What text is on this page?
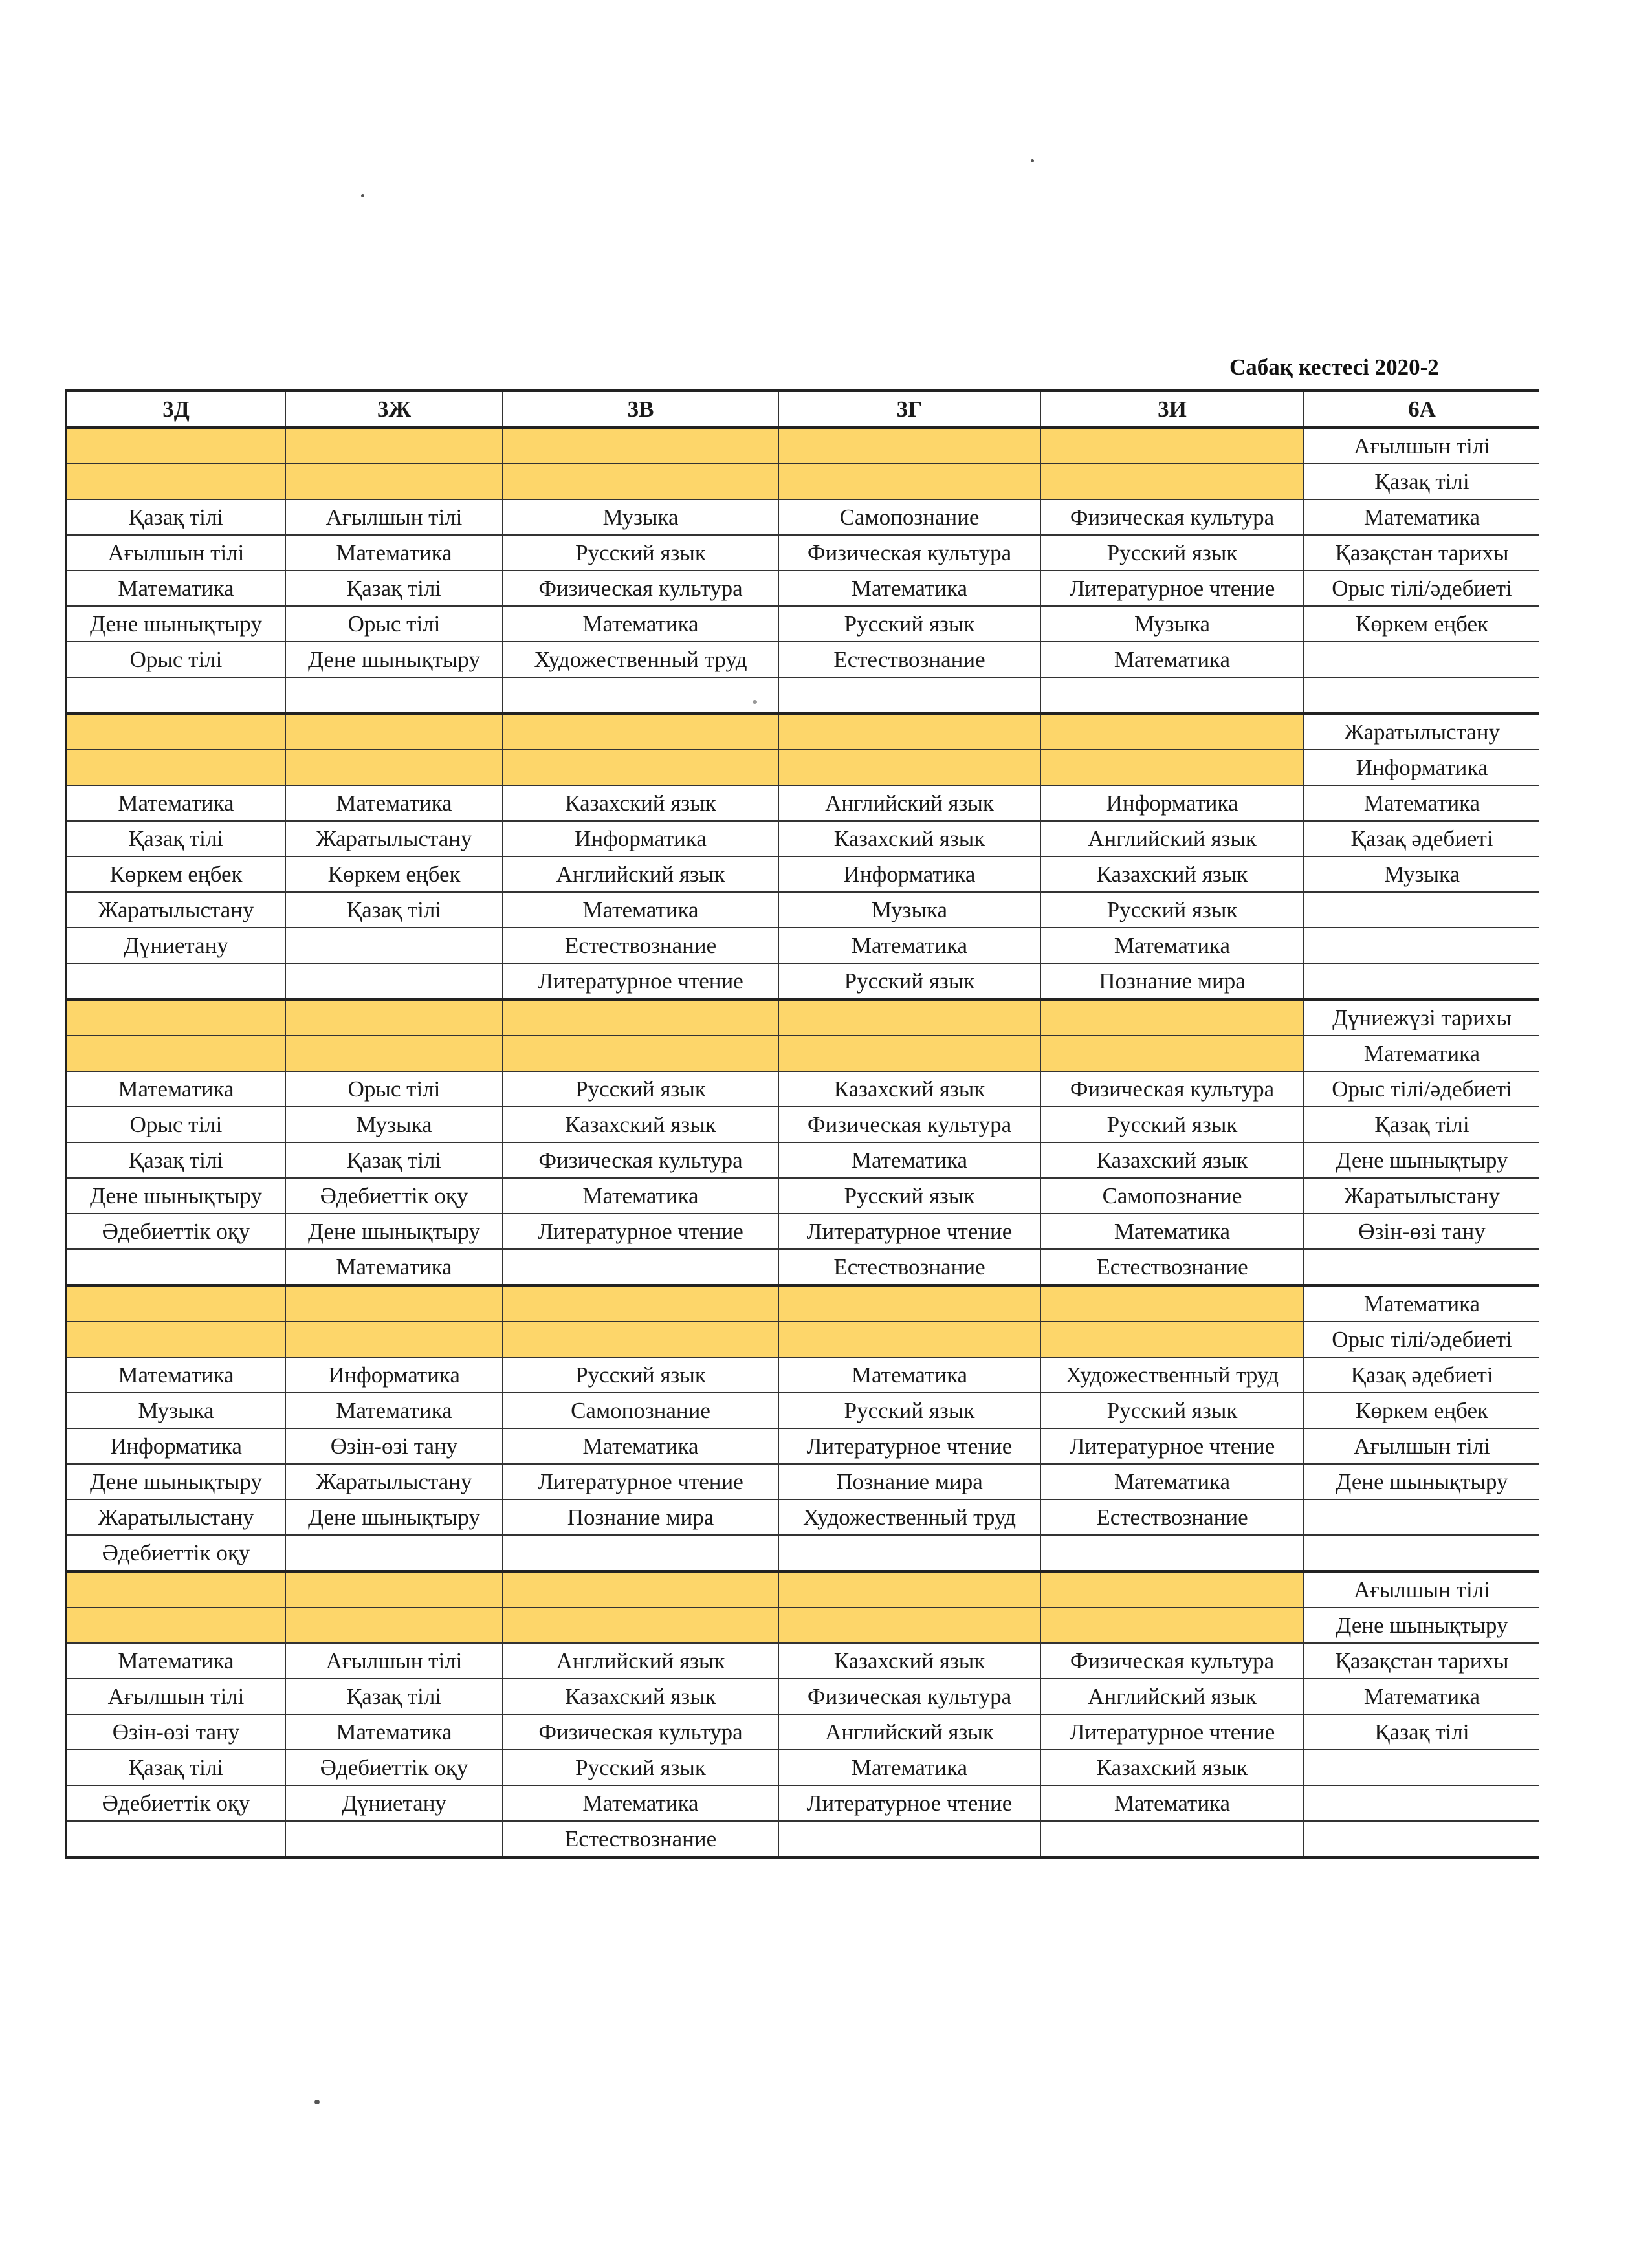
Сабақ кестесі 2020-2
3Д	3Ж	3В	3Г	3И	6А
					Ағылшын тілі
					Қазақ тілі
Қазақ тілі	Ағылшын тілі	Музыка	Самопознание	Физическая культура	Математика
Ағылшын тілі	Математика	Русский язык	Физическая культура	Русский язык	Қазақстан тарихы
Математика	Қазақ тілі	Физическая культура	Математика	Литературное чтение	Орыс тілі/әдебиеті
Дене шынықтыру	Орыс тілі	Математика	Русский язык	Музыка	Көркем еңбек
Орыс тілі	Дене шынықтыру	Художественный труд	Естествознание	Математика	

					Жаратылыстану
					Информатика
Математика	Математика	Казахский язык	Английский язык	Информатика	Математика
Қазақ тілі	Жаратылыстану	Информатика	Казахский язык	Английский язык	Қазақ әдебиеті
Көркем еңбек	Көркем еңбек	Английский язык	Информатика	Казахский язык	Музыка
Жаратылыстану	Қазақ тілі	Математика	Музыка	Русский язык	
Дүниетану		Естествознание	Математика	Математика	
		Литературное чтение	Русский язык	Познание мира	
					Дүниежүзі тарихы
					Математика
Математика	Орыс тілі	Русский язык	Казахский язык	Физическая культура	Орыс тілі/әдебиеті
Орыс тілі	Музыка	Казахский язык	Физическая культура	Русский язык	Қазақ тілі
Қазақ тілі	Қазақ тілі	Физическая культура	Математика	Казахский язык	Дене шынықтыру
Дене шынықтыру	Әдебиеттік оқу	Математика	Русский язык	Самопознание	Жаратылыстану
Әдебиеттік оқу	Дене шынықтыру	Литературное чтение	Литературное чтение	Математика	Өзін-өзі тану
	Математика		Естествознание	Естествознание	
					Математика
					Орыс тілі/әдебиеті
Математика	Информатика	Русский язык	Математика	Художественный труд	Қазақ әдебиеті
Музыка	Математика	Самопознание	Русский язык	Русский язык	Көркем еңбек
Информатика	Өзін-өзі тану	Математика	Литературное чтение	Литературное чтение	Ағылшын тілі
Дене шынықтыру	Жаратылыстану	Литературное чтение	Познание мира	Математика	Дене шынықтыру
Жаратылыстану	Дене шынықтыру	Познание мира	Художественный труд	Естествознание	
Әдебиеттік оқу					
					Ағылшын тілі
					Дене шынықтыру
Математика	Ағылшын тілі	Английский язык	Казахский язык	Физическая культура	Қазақстан тарихы
Ағылшын тілі	Қазақ тілі	Казахский язык	Физическая культура	Английский язык	Математика
Өзін-өзі тану	Математика	Физическая культура	Английский язык	Литературное чтение	Қазақ тілі
Қазақ тілі	Әдебиеттік оқу	Русский язык	Математика	Казахский язык	
Әдебиеттік оқу	Дүниетану	Математика	Литературное чтение	Математика	
		Естествознание			
